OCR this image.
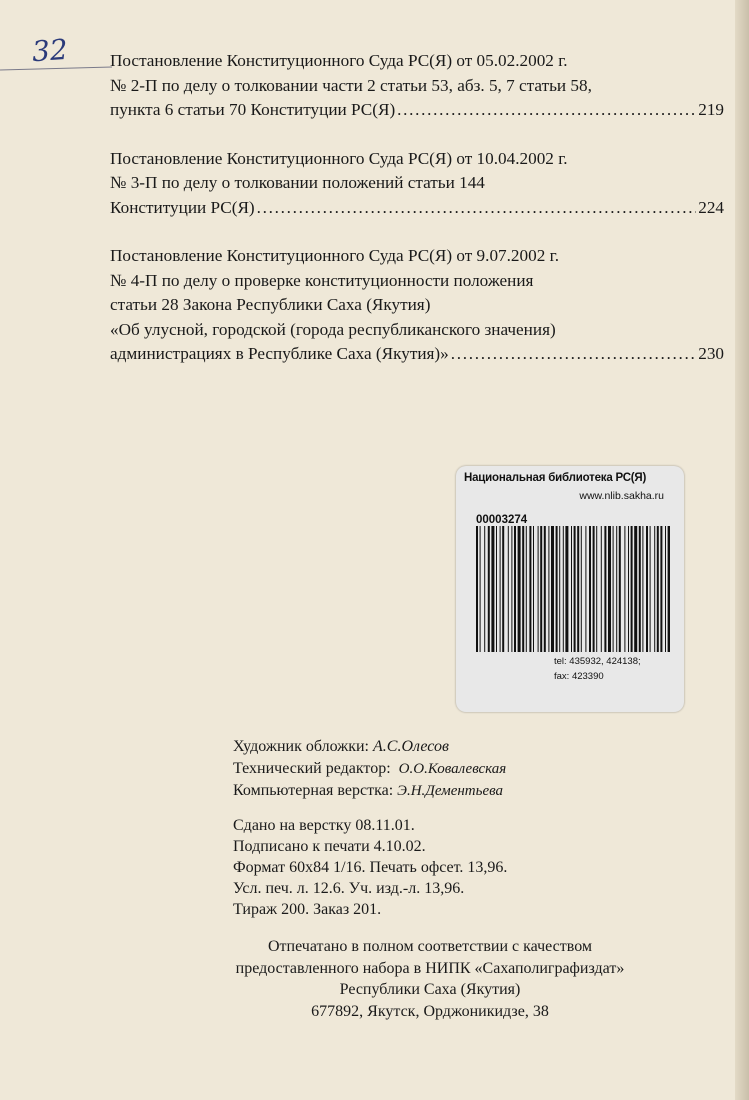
32 Постановление Конституционного Суда РС(Я) от 05.02.2002 г.
№ 2-П по делу о толковании части 2 статьи 53, абз. 5, 7 статьи 58,
пункта 6 статьи 70 Конституции РС(Я) . . .	219
Постановление Конституционного Суда РС(Я) от 10.04.2002 г.
№ 3-П по делу о толковании положений статьи 144
Конституции РС(Я) . . .	224
Постановление Конституционного Суда РС(Я) от 9.07.2002 г.
№ 4-П по делу о проверке конституционности положения
статьи 28 Закона Республики Саха (Якутия)
«Об улусной, городской (города республиканского значения)
администрациях в Республике Саха (Якутия)» . . .	230
Национальная библиотека РС(Я)
www.nlib.sakha.ru
00003274
tel: 435932, 424138;
fax: 423390
Художник обложки: А.С.Олесов
Технический редактор: О.О.Ковалевская
Компьютерная верстка: Э.Н.Дементьева
Сдано на верстку 08.11.01.
Подписано к печати 4.10.02.
Формат 60x84 1/16. Печать офсет. 13,96.
Усл. печ. л. 12.6. Уч. изд.-л. 13,96.
Тираж 200. Заказ 201.
Отпечатано в полном соответствии с качеством
предоставленного набора в НИПК «Сахаполиграфиздат»
Республики Саха (Якутия)
677892, Якутск, Орджоникидзе, 38
